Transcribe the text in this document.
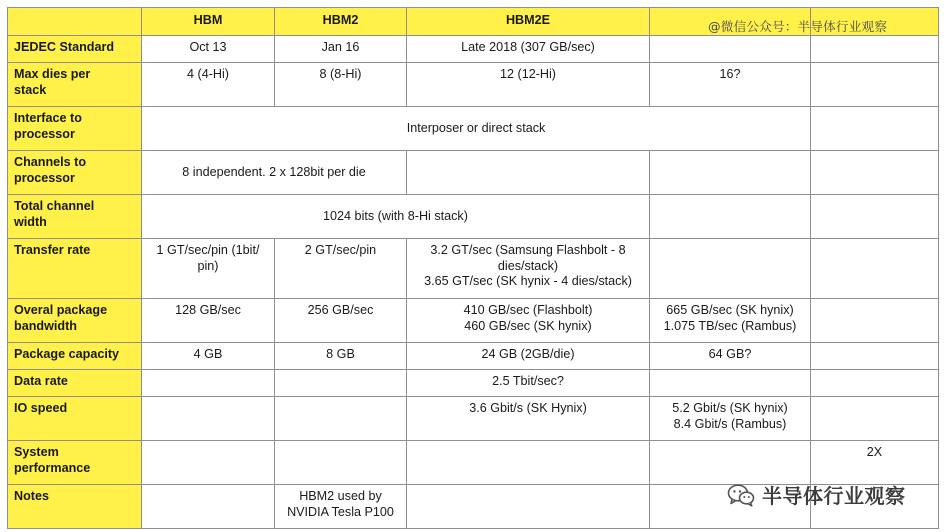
	HBM	HBM2	HBM2E		
JEDEC Standard	Oct 13	Jan 16	Late 2018 (307 GB/sec)		

Max dies per
stack	4 (4-Hi)	8 (8-Hi)	12 (12-Hi)	16?	

Interface to
processor	Interposer or direct stack				

Channels to
processor	8 independent. 2 x 128bit per die				

Total channel
width	1024 bits (with 8-Hi stack)				
Transfer rate	1 GT/sec/pin (1bit/
pin)	2 GT/sec/pin	3.2 GT/sec (Samsung Flashbolt - 8
dies/stack)
3.65 GT/sec (SK hynix - 4 dies/stack)		

Overal package
bandwidth	128 GB/sec	256 GB/sec	410 GB/sec (Flashbolt)
460 GB/sec (SK hynix)	665 GB/sec (SK hynix)
1.075 TB/sec (Rambus)	

Package capacity	4 GB	8 GB	24 GB (2GB/die)	64 GB?	
Data rate			2.5 Tbit/sec?		
IO speed			3.6 Gbit/s (SK Hynix)	5.2 Gbit/s (SK hynix)
8.4 Gbit/s (Rambus)	

System
performance					2X
Notes		HBM2 used by
NVIDIA Tesla P100			

@微信公众号：半导体行业观察
半导体行业观察
